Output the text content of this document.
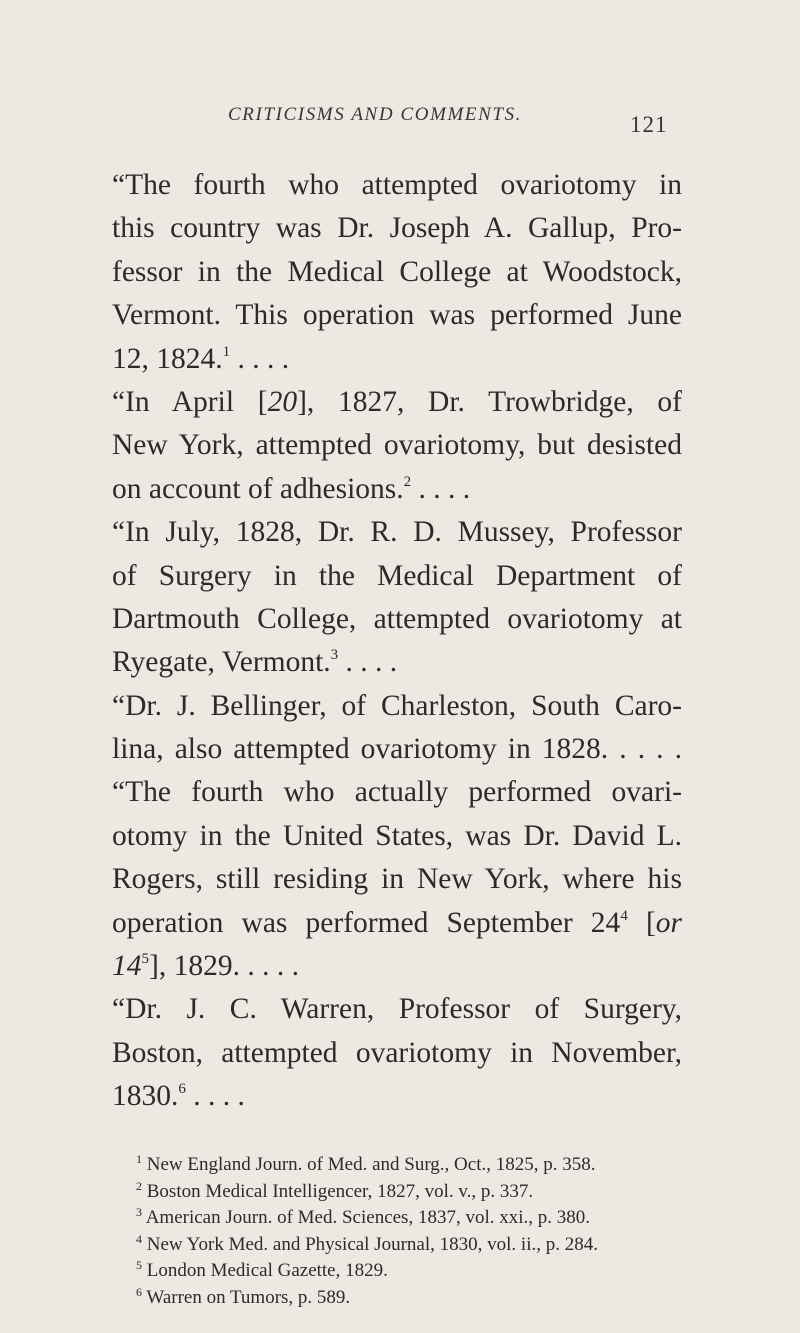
CRITICISMS AND COMMENTS.	121
“The fourth who attempted ovariotomy in
this country was Dr. Joseph A. Gallup, Pro-
fessor in the Medical College at Woodstock,
Vermont. This operation was performed June
12, 1824.$^1$ . . . .
“In April [20], 1827, Dr. Trowbridge, of
New York, attempted ovariotomy, but desisted
on account of adhesions.$^2$ . . . .
“In July, 1828, Dr. R. D. Mussey, Professor
of Surgery in the Medical Department of
Dartmouth College, attempted ovariotomy at
Ryegate, Vermont.$^3$ . . . .
“Dr. J. Bellinger, of Charleston, South Caro-
lina, also attempted ovariotomy in 1828. . . . .
“The fourth who actually performed ovari-
otomy in the United States, was Dr. David L.
Rogers, still residing in New York, where his
operation was performed September $24^4$ [or
$14^5$], 1829. . . . .
“Dr. J. C. Warren, Professor of Surgery,
Boston, attempted ovariotomy in November,
1830.$^6$ . . . .
$^1$ New England Journ. of Med. and Surg., Oct., 1825, p. 358.
$^2$ Boston Medical Intelligencer, 1827, vol. v., p. 337.
$^3$ American Journ. of Med. Sciences, 1837, vol. xxi., p. 380.
$^4$ New York Med. and Physical Journal, 1830, vol. ii., p. 284.
$^5$ London Medical Gazette, 1829.
$^6$ Warren on Tumors, p. 589.
